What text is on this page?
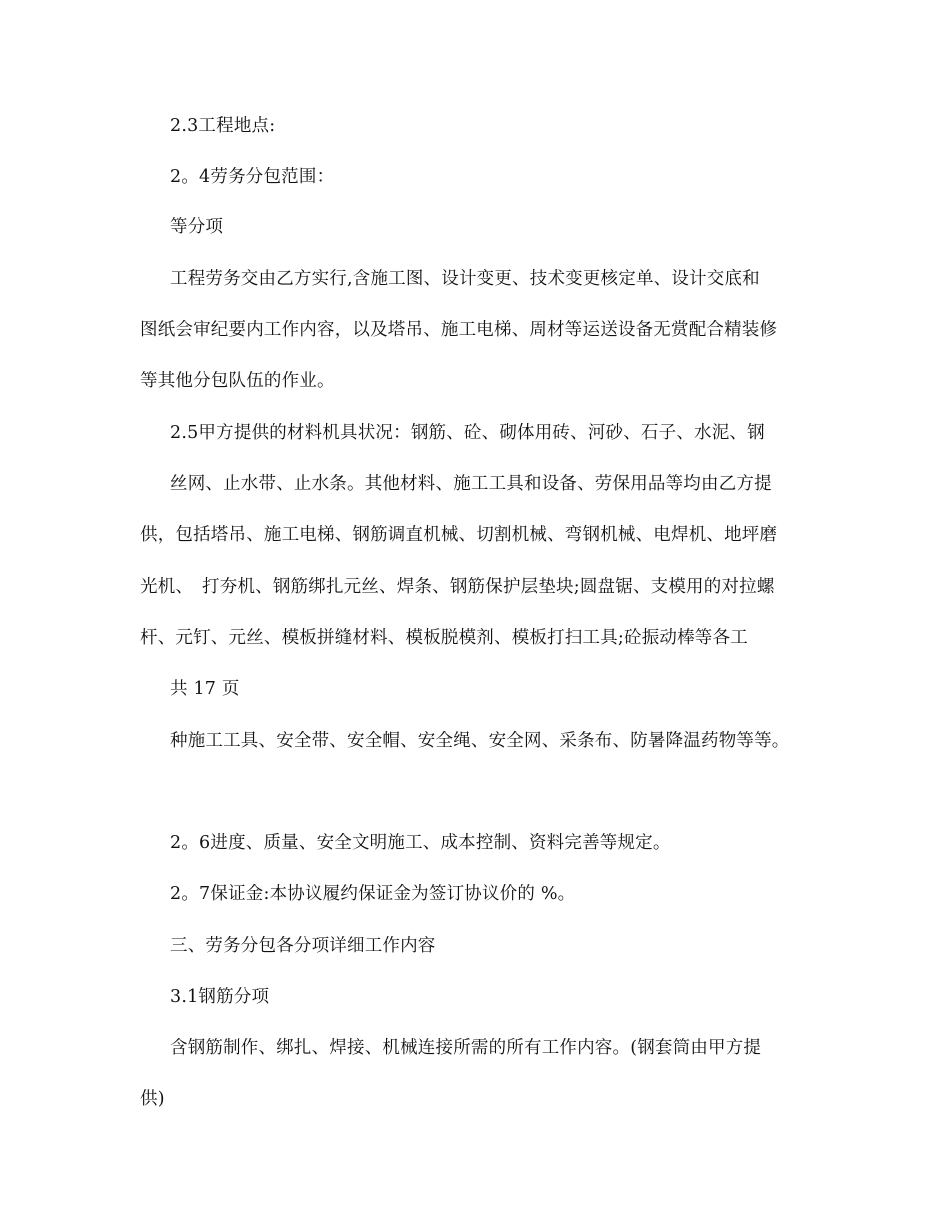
2.3工程地点:
2。4劳务分包范围：
等分项
工程劳务交由乙方实行,含施工图、设计变更、技术变更核定单、设计交底和
图纸会审纪要内工作内容，以及塔吊、施工电梯、周材等运送设备无赏配合精装修
等其他分包队伍的作业。
2.5甲方提供的材料机具状况：钢筋、砼、砌体用砖、河砂、石子、水泥、钢
丝网、止水带、止水条。其他材料、施工工具和设备、劳保用品等均由乙方提
供，包括塔吊、施工电梯、钢筋调直机械、切割机械、弯钢机械、电焊机、地坪磨
光机、　打夯机、钢筋绑扎元丝、焊条、钢筋保护层垫块;圆盘锯、支模用的对拉螺
杆、元钉、元丝、模板拼缝材料、模板脱模剂、模板打扫工具;砼振动棒等各工
共 17 页
种施工工具、安全带、安全帽、安全绳、安全网、采条布、防暑降温药物等等。
2。6进度、质量、安全文明施工、成本控制、资料完善等规定。
2。7保证金:本协议履约保证金为签订协议价的 %。
三、劳务分包各分项详细工作内容
3.1钢筋分项
含钢筋制作、绑扎、焊接、机械连接所需的所有工作内容。(钢套筒由甲方提
供)
